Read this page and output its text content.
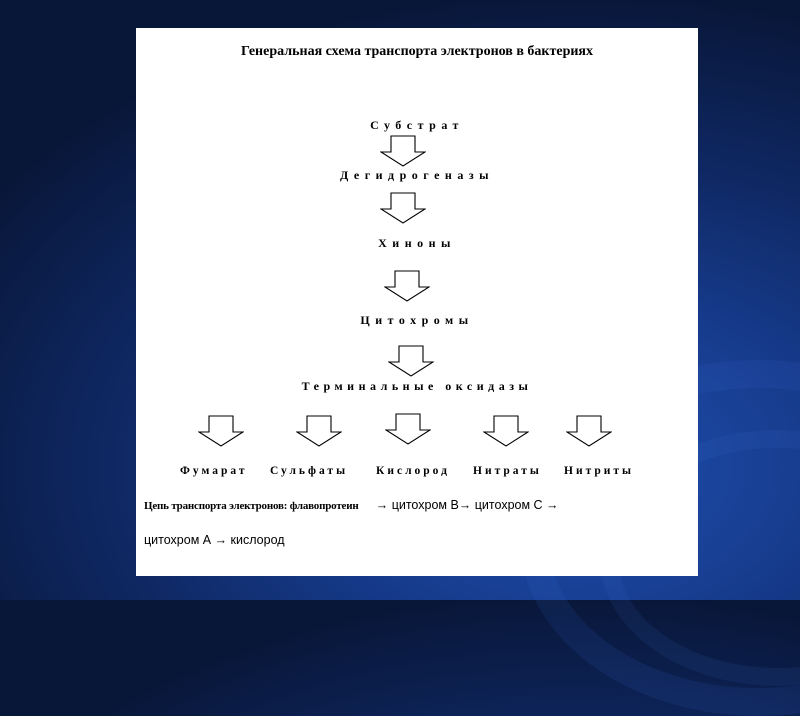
Генеральная схема транспорта электронов в бактериях
Субстрат
Дегидрогеназы
Хиноны
Цитохромы
Терминальные оксидазы
Фумарат Сульфаты Кислород Нитраты Нитриты
Цепь транспорта электронов: флавопротеин → цитохром В→ цитохром С →
цитохром А → кислород
